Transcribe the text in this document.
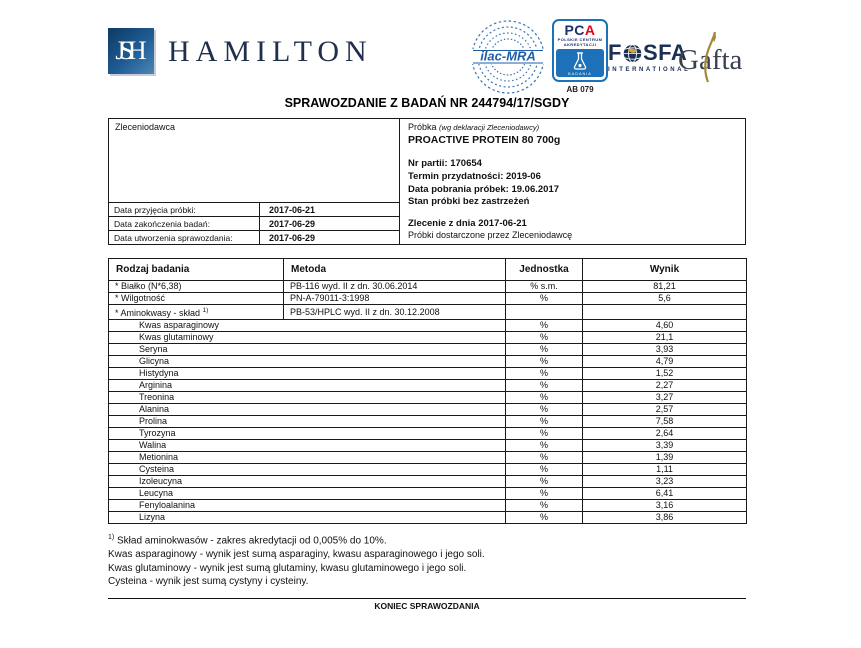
JSH HAMILTON	ilac-MRA
PCA
POLSKIE CENTRUM
AKREDYTACJI
BADANIA
AB 079
F SFA
INTERNATIONAL
Gafta
SPRAWOZDANIE Z BADAŃ NR 244794/17/SGDY
Zleceniodawca
Data przyjęcia próbki:	2017-06-21
Data zakończenia badań:	2017-06-29
Data utworzenia sprawozdania:	2017-06-29
Próbka (wg deklaracji Zleceniodawcy)
PROACTIVE PROTEIN 80 700g
Nr partii: 170654
Termin przydatności: 2019-06
Data pobrania próbek: 19.06.2017
Stan próbki bez zastrzeżeń
Zlecenie z dnia 2017-06-21
Próbki dostarczone przez Zleceniodawcę
Rodzaj badania	Metoda	Jednostka	Wynik
* Białko (N*6,38)	PB-116 wyd. II z dn. 30.06.2014	% s.m.	81,21
* Wilgotność	PN-A-79011-3:1998	%	5,6
* Aminokwasy - skład $^{1)}$	PB-53/HPLC wyd. II z dn. 30.12.2008		
Kwas asparaginowy		%	4,60
Kwas glutaminowy		%	21,1
Seryna		%	3,93
Glicyna		%	4,79
Histydyna		%	1,52
Arginina		%	2,27
Treonina		%	3,27
Alanina		%	2,57
Prolina		%	7,58
Tyrozyna		%	2,64
Walina		%	3,39
Metionina		%	1,39
Cysteina		%	1,11
Izoleucyna		%	3,23
Leucyna		%	6,41
Fenyloalanina		%	3,16
Lizyna		%	3,86
$^{1)}$ Skład aminokwasów - zakres akredytacji od 0,005% do 10%.
Kwas asparaginowy - wynik jest sumą asparaginy, kwasu asparaginowego i jego soli.
Kwas glutaminowy - wynik jest sumą glutaminy, kwasu glutaminowego i jego soli.
Cysteina - wynik jest sumą cystyny i cysteiny.
KONIEC SPRAWOZDANIA
